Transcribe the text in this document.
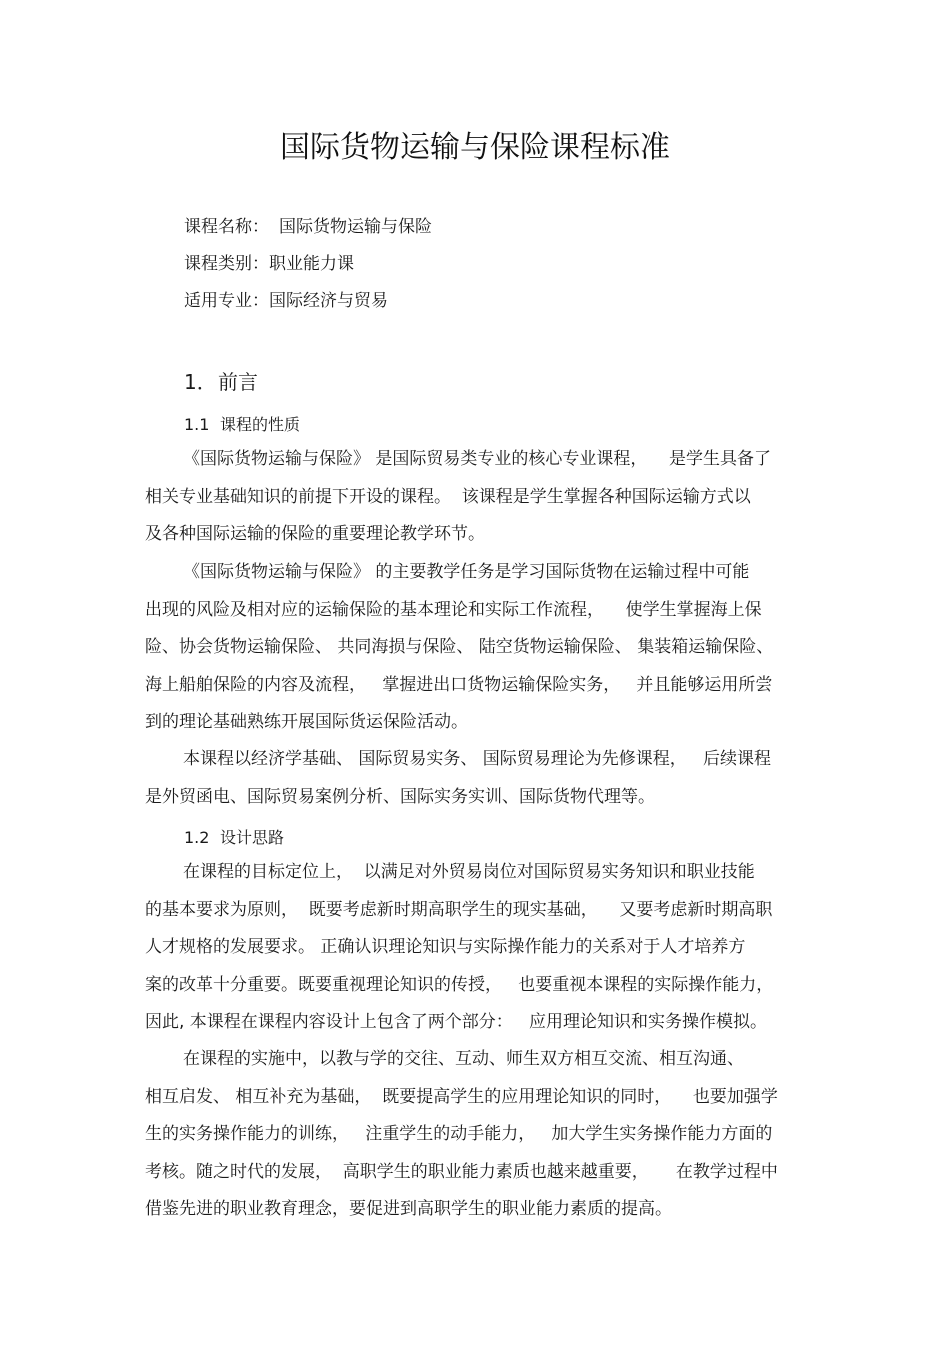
国际货物运输与保险课程标准
课程名称： 国际货物运输与保险
课程类别：职业能力课
适用专业：国际经济与贸易
1．前言
1.1 课程的性质
《国际货物运输与保险》 是国际贸易类专业的核心专业课程，    是学生具备了
相关专业基础知识的前提下开设的课程。  该课程是学生掌握各种国际运输方式以
及各种国际运输的保险的重要理论教学环节。
《国际货物运输与保险》 的主要教学任务是学习国际货物在运输过程中可能
出现的风险及相对应的运输保险的基本理论和实际工作流程，    使学生掌握海上保
险、协会货物运输保险、 共同海损与保险、 陆空货物运输保险、 集装箱运输保险、
海上船舶保险的内容及流程，   掌握进出口货物运输保险实务，   并且能够运用所尝
到的理论基础熟练开展国际货运保险活动。
本课程以经济学基础、 国际贸易实务、 国际贸易理论为先修课程，   后续课程
是外贸函电、国际贸易案例分析、国际实务实训、国际货物代理等。
1.2 设计思路
在课程的目标定位上，  以满足对外贸易岗位对国际贸易实务知识和职业技能
的基本要求为原则，  既要考虑新时期高职学生的现实基础，    又要考虑新时期高职
人才规格的发展要求。 正确认识理论知识与实际操作能力的关系对于人才培养方
案的改革十分重要。既要重视理论知识的传授，   也要重视本课程的实际操作能力，
因此, 本课程在课程内容设计上包含了两个部分：   应用理论知识和实务操作模拟。
在课程的实施中，以教与学的交往、互动、师生双方相互交流、相互沟通、
相互启发、 相互补充为基础，  既要提高学生的应用理论知识的同时，    也要加强学
生的实务操作能力的训练，   注重学生的动手能力，   加大学生实务操作能力方面的
考核。随之时代的发展，  高职学生的职业能力素质也越来越重要，     在教学过程中
借鉴先进的职业教育理念，要促进到高职学生的职业能力素质的提高。
